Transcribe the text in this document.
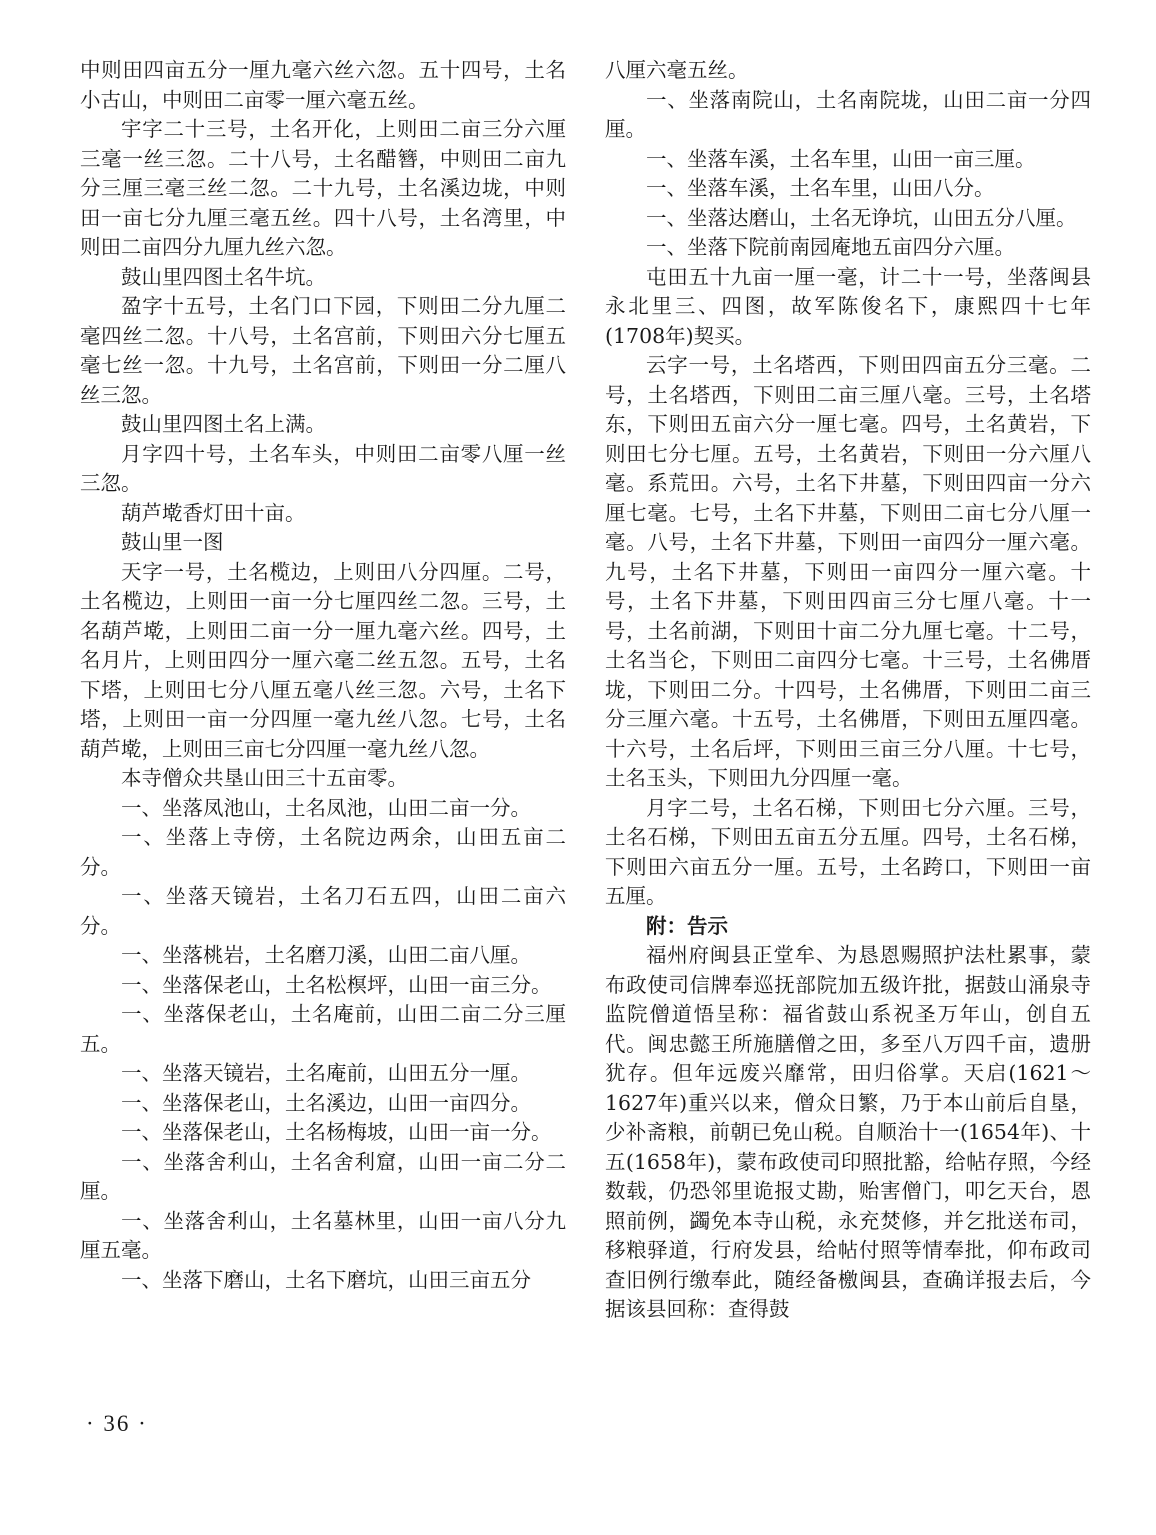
中则田四亩五分一厘九毫六丝六忽。五十四号，土名小古山，中则田二亩零一厘六毫五丝。

宇字二十三号，土名开化，上则田二亩三分六厘三毫一丝三忽。二十八号，土名醋簪，中则田二亩九分三厘三毫三丝二忽。二十九号，土名溪边垅，中则田一亩七分九厘三毫五丝。四十八号，土名湾里，中则田二亩四分九厘九丝六忽。

鼓山里四图土名牛坑。

盈字十五号，土名门口下园，下则田二分九厘二毫四丝二忽。十八号，土名宫前，下则田六分七厘五毫七丝一忽。十九号，土名宫前，下则田一分二厘八丝三忽。

鼓山里四图土名上满。

月字四十号，土名车头，中则田二亩零八厘一丝三忽。

葫芦墘香灯田十亩。

鼓山里一图

天字一号，土名榄边，上则田八分四厘。二号，土名榄边，上则田一亩一分七厘四丝二忽。三号，土名葫芦墘，上则田二亩一分一厘九毫六丝。四号，土名月片，上则田四分一厘六毫二丝五忽。五号，土名下塔，上则田七分八厘五毫八丝三忽。六号，土名下塔，上则田一亩一分四厘一毫九丝八忽。七号，土名葫芦墘，上则田三亩七分四厘一毫九丝八忽。

本寺僧众共垦山田三十五亩零。

一、坐落凤池山，土名凤池，山田二亩一分。

一、坐落上寺傍，土名院边两余，山田五亩二分。

一、坐落天镜岩，土名刀石五四，山田二亩六分。

一、坐落桃岩，土名磨刀溪，山田二亩八厘。

一、坐落保老山，土名松榠坪，山田一亩三分。

一、坐落保老山，土名庵前，山田二亩二分三厘五。

一、坐落天镜岩，土名庵前，山田五分一厘。

一、坐落保老山，土名溪边，山田一亩四分。

一、坐落保老山，土名杨梅坡，山田一亩一分。

一、坐落舍利山，土名舍利窟，山田一亩二分二厘。

一、坐落舍利山，土名墓林里，山田一亩八分九厘五毫。

一、坐落下磨山，土名下磨坑，山田三亩五分

八厘六毫五丝。

一、坐落南院山，土名南院垅，山田二亩一分四厘。

一、坐落车溪，土名车里，山田一亩三厘。

一、坐落车溪，土名车里，山田八分。

一、坐落达磨山，土名无诤坑，山田五分八厘。

一、坐落下院前南园庵地五亩四分六厘。

屯田五十九亩一厘一毫，计二十一号，坐落闽县永北里三、四图，故军陈俊名下，康熙四十七年(1708年)契买。

云字一号，土名塔西，下则田四亩五分三毫。二号，土名塔西，下则田二亩三厘八毫。三号，土名塔东，下则田五亩六分一厘七毫。四号，土名黄岩，下则田七分七厘。五号，土名黄岩，下则田一分六厘八毫。系荒田。六号，土名下井墓，下则田四亩一分六厘七毫。七号，土名下井墓，下则田二亩七分八厘一毫。八号，土名下井墓，下则田一亩四分一厘六毫。九号，土名下井墓，下则田一亩四分一厘六毫。十号，土名下井墓，下则田四亩三分七厘八毫。十一号，土名前湖，下则田十亩二分九厘七毫。十二号，土名当仑，下则田二亩四分七毫。十三号，土名佛厝垅，下则田二分。十四号，土名佛厝，下则田二亩三分三厘六毫。十五号，土名佛厝，下则田五厘四毫。十六号，土名后坪，下则田三亩三分八厘。十七号，土名玉头，下则田九分四厘一毫。

月字二号，土名石梯，下则田七分六厘。三号，土名石梯，下则田五亩五分五厘。四号，土名石梯，下则田六亩五分一厘。五号，土名跨口，下则田一亩五厘。

附：告示

福州府闽县正堂牟、为恳恩赐照护法杜累事，蒙布政使司信牌奉巡抚部院加五级许批，据鼓山涌泉寺监院僧道悟呈称：福省鼓山系祝圣万年山，创自五代。闽忠懿王所施膳僧之田，多至八万四千亩，遗册犹存。但年远废兴靡常，田归俗掌。天启(1621～1627年)重兴以来，僧众日繁，乃于本山前后自垦，少补斋粮，前朝已免山税。自顺治十一(1654年)、十五(1658年)，蒙布政使司印照批豁，给帖存照，今经数载，仍恐邻里诡报丈勘，贻害僧门，叩乞天台，恩照前例，蠲免本寺山税，永充焚修，并乞批送布司，移粮驿道，行府发县，给帖付照等情奉批，仰布政司查旧例行缴奉此，随经备檄闽县，查确详报去后，今据该县回称：查得鼓

· 36 ·
